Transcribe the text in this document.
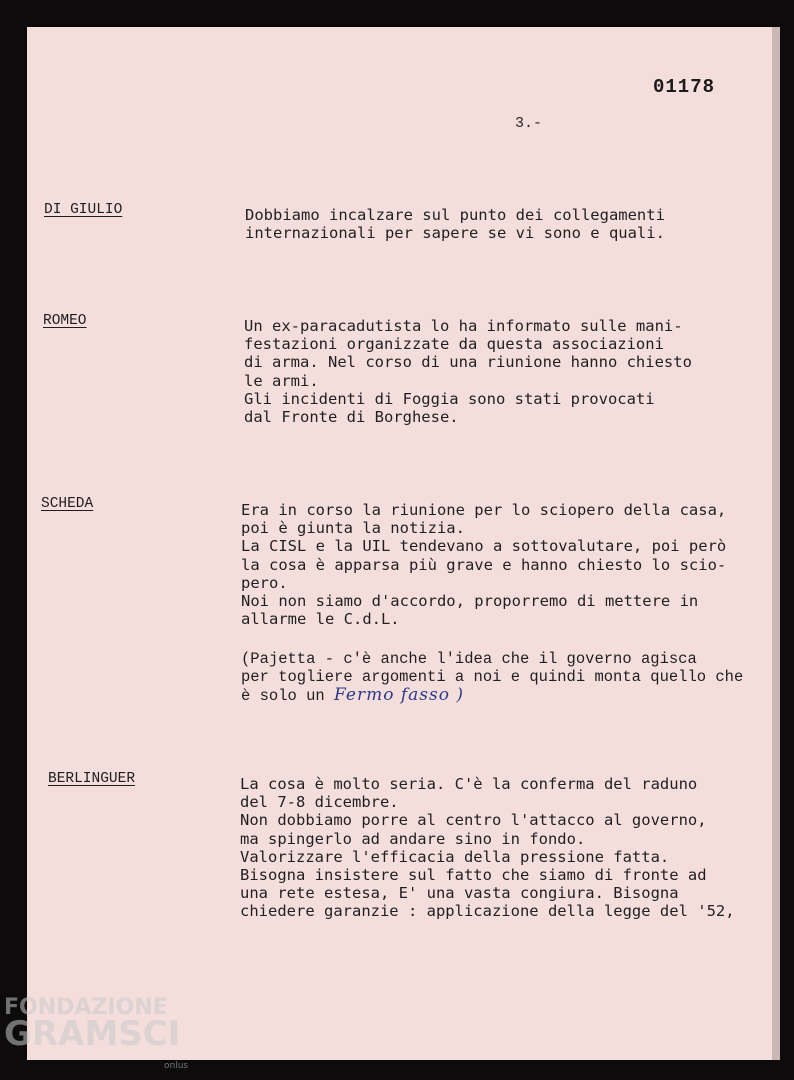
01178
3.-
DI GIULIO	Dobbiamo incalzare sul punto dei collegamenti
internazionali per sapere se vi sono e quali.
ROMEO	Un ex-paracadutista lo ha informato sulle mani-
festazioni organizzate da questa associazioni
di arma. Nel corso di una riunione hanno chiesto
le armi.
Gli incidenti di Foggia sono stati provocati
dal Fronte di Borghese.
SCHEDA	Era in corso la riunione per lo sciopero della casa,
poi è giunta la notizia.
La CISL e la UIL tendevano a sottovalutare, poi però
la cosa è apparsa più grave e hanno chiesto lo scio-
pero.
Noi non siamo d'accordo, proporremo di mettere in
allarme le C.d.L.
(Pajetta - c'è anche l'idea che il governo agisca
per togliere argomenti a noi e quindi monta quello che
è solo un Fermo fasso )
BERLINGUER	La cosa è molto seria. C'è la conferma del raduno
del 7-8 dicembre.
Non dobbiamo porre al centro l'attacco al governo,
ma spingerlo ad andare sino in fondo.
Valorizzare l'efficacia della pressione fatta.
Bisogna insistere sul fatto che siamo di fronte ad
una rete estesa, E' una vasta congiura. Bisogna
chiedere garanzie : applicazione della legge del '52,
FONDAZIONE
GRAMSCI
onlus
